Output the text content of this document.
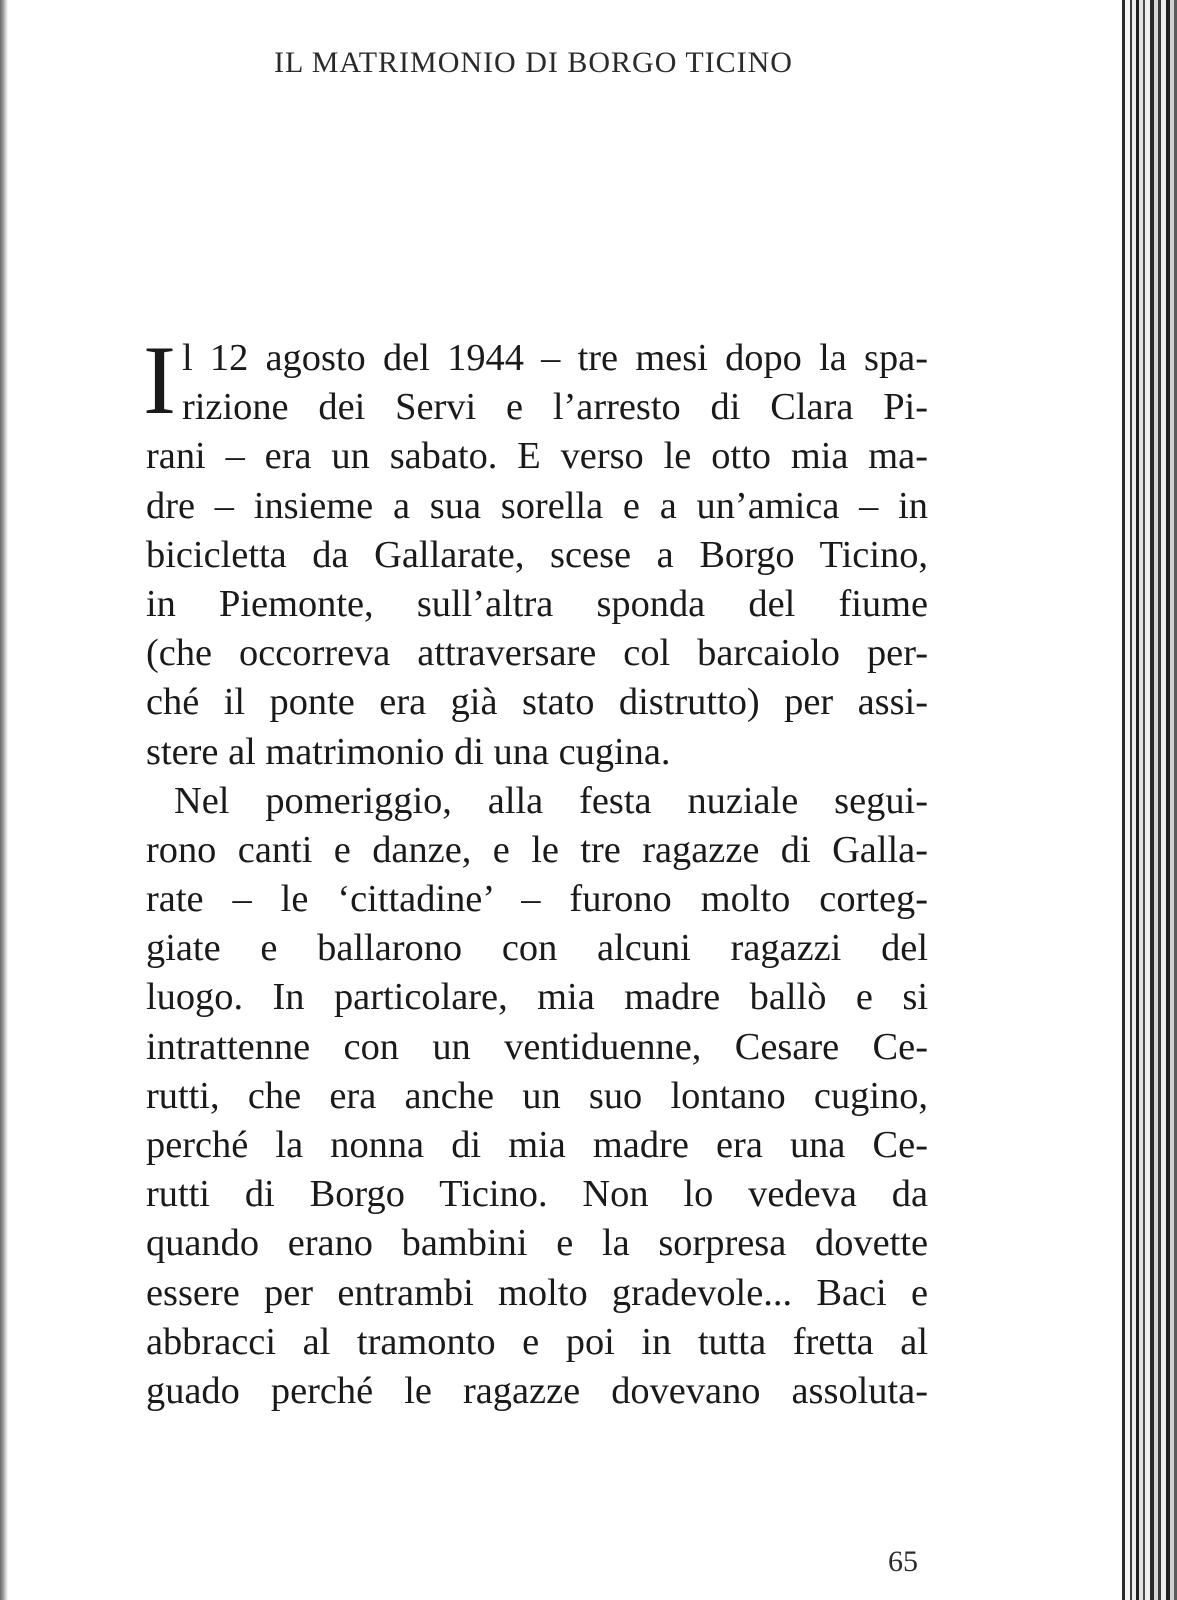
IL MATRIMONIO DI BORGO TICINO
I l 12 agosto del 1944 – tre mesi dopo la spa-
rizione dei Servi e l’arresto di Clara Pi-
rani – era un sabato. E verso le otto mia ma-
dre – insieme a sua sorella e a un’amica – in
bicicletta da Gallarate, scese a Borgo Ticino,
in Piemonte, sull’altra sponda del fiume
(che occorreva attraversare col barcaiolo per-
ché il ponte era già stato distrutto) per assi-
stere al matrimonio di una cugina.
Nel pomeriggio, alla festa nuziale segui-
rono canti e danze, e le tre ragazze di Galla-
rate – le ‘cittadine’ – furono molto corteg-
giate e ballarono con alcuni ragazzi del
luogo. In particolare, mia madre ballò e si
intrattenne con un ventiduenne, Cesare Ce-
rutti, che era anche un suo lontano cugino,
perché la nonna di mia madre era una Ce-
rutti di Borgo Ticino. Non lo vedeva da
quando erano bambini e la sorpresa dovette
essere per entrambi molto gradevole... Baci e
abbracci al tramonto e poi in tutta fretta al
guado perché le ragazze dovevano assoluta-
65
